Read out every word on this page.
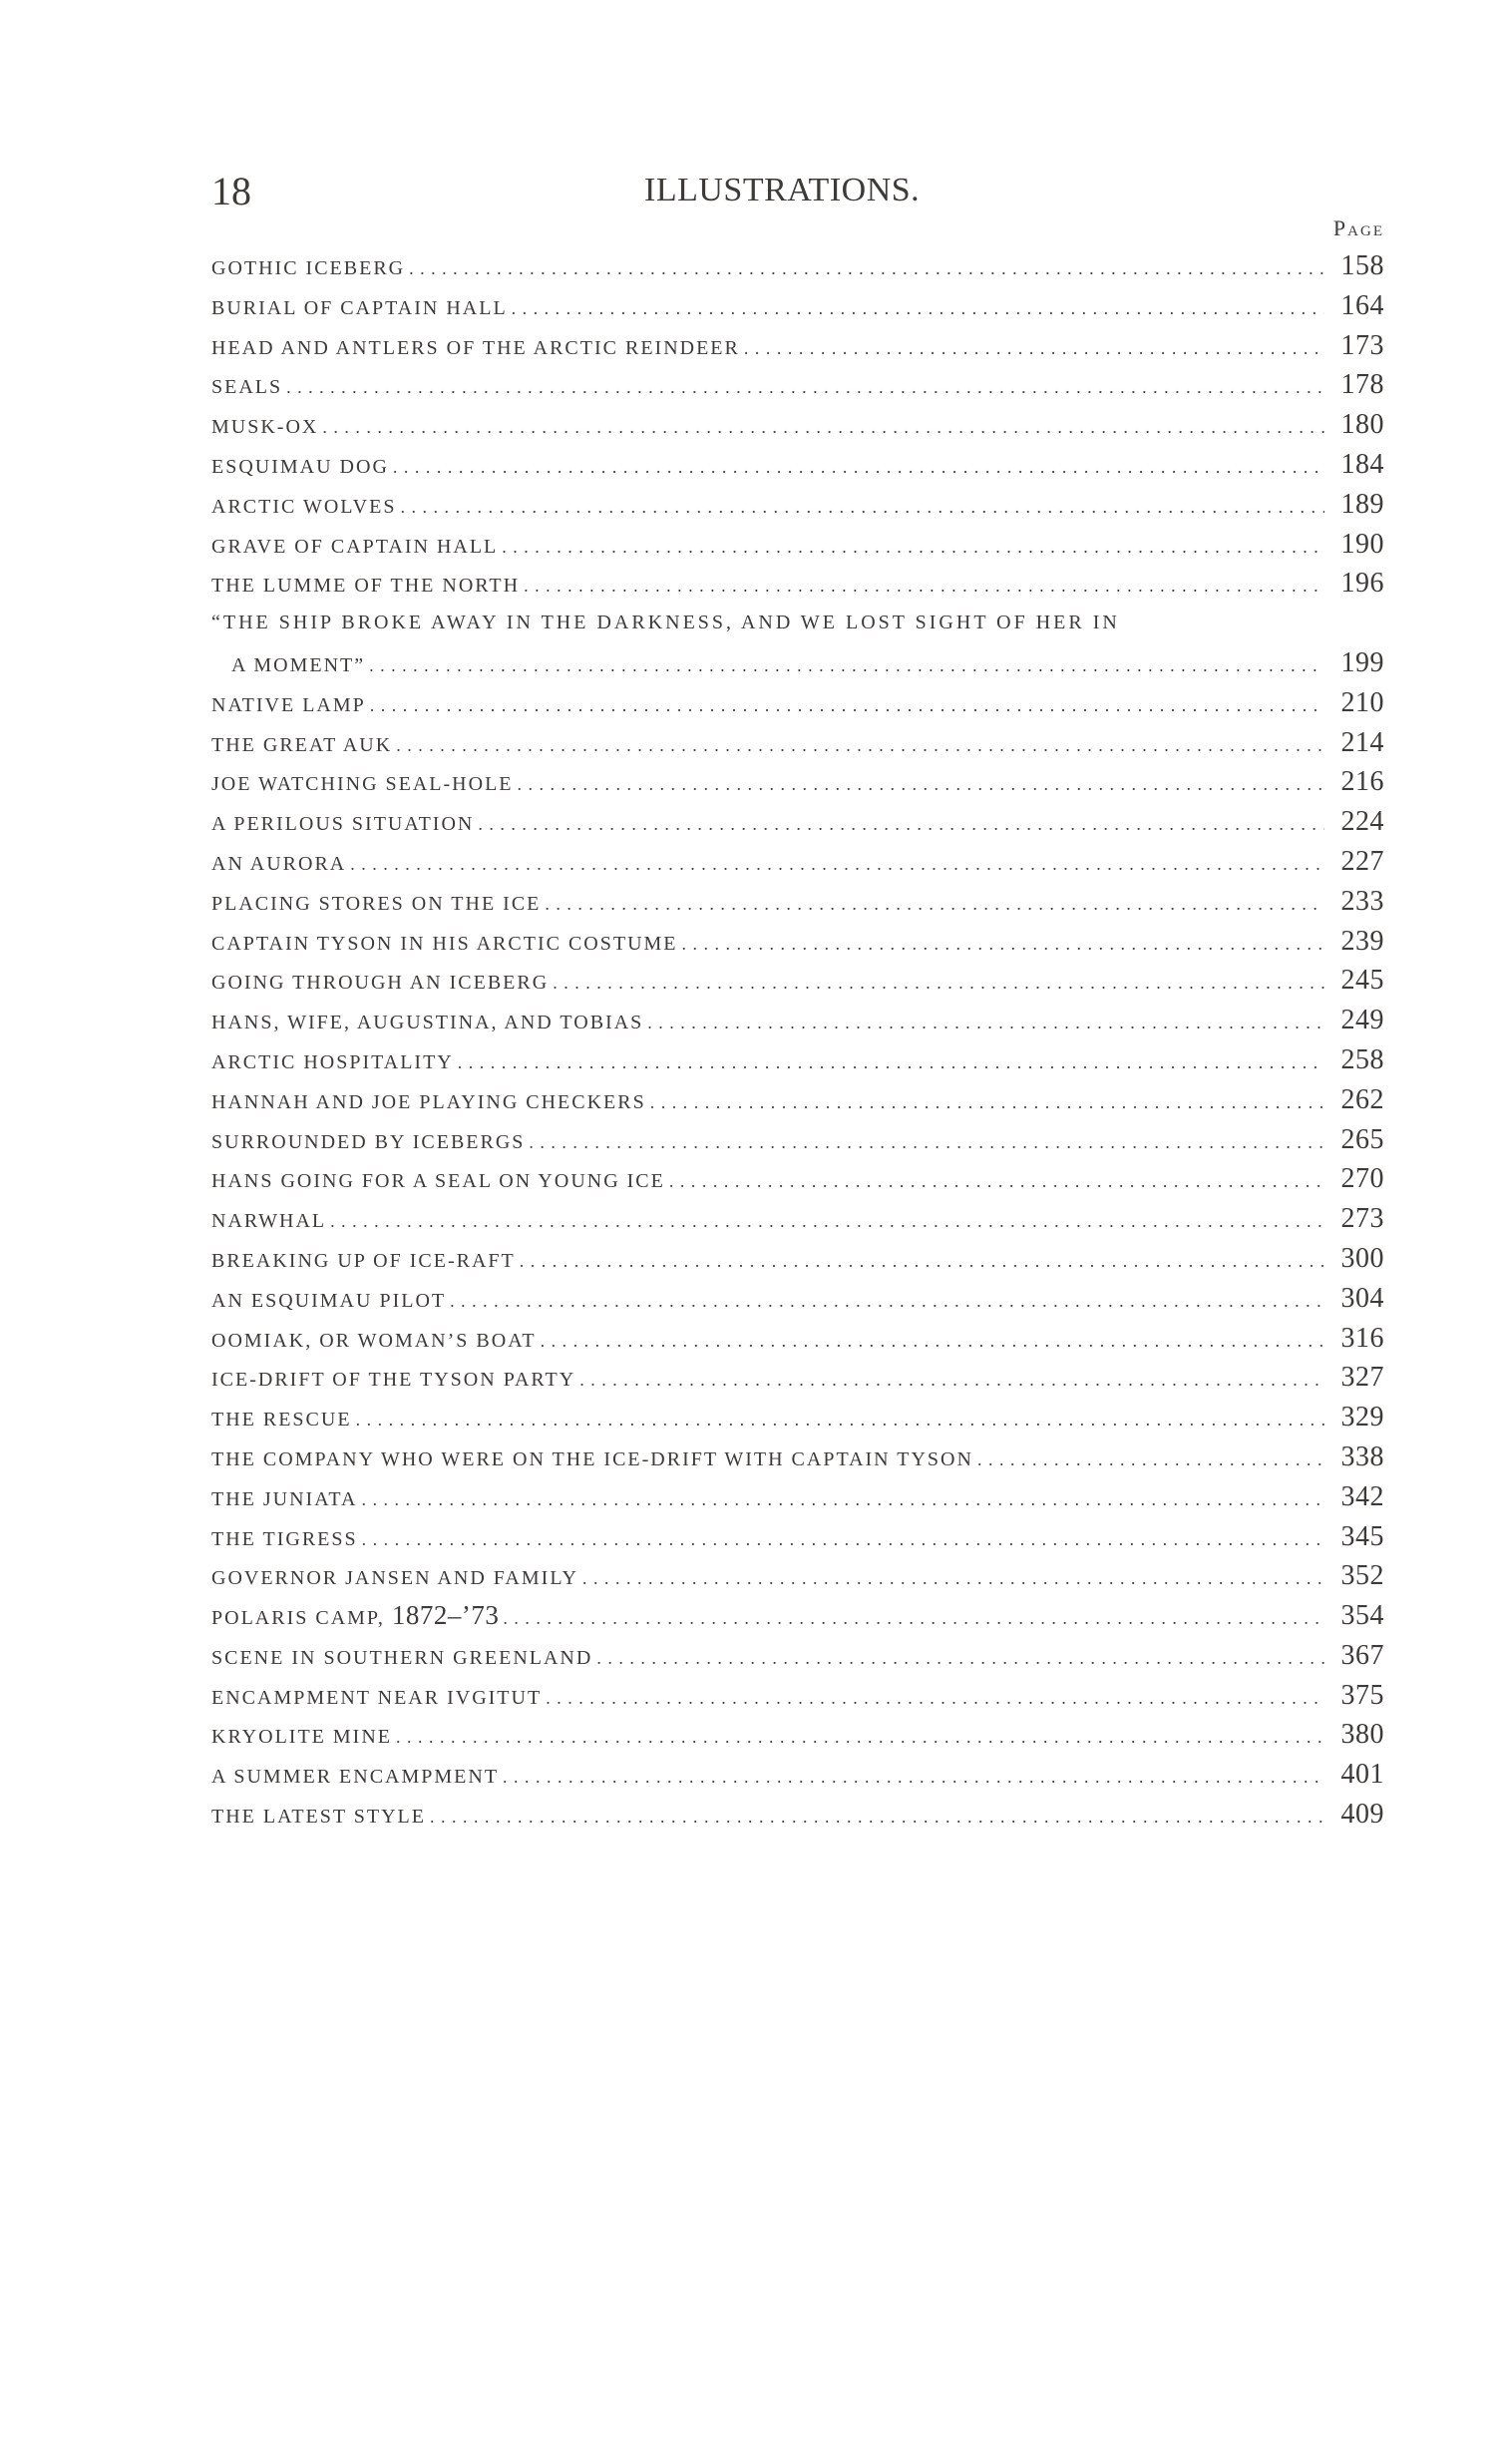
18	ILLUSTRATIONS.
Page
GOTHIC ICEBERG . . .	158
BURIAL OF CAPTAIN HALL . . .	164
HEAD AND ANTLERS OF THE ARCTIC REINDEER . . .	173
SEALS . . .	178
MUSK-OX . . .	180
ESQUIMAU DOG . . .	184
ARCTIC WOLVES . . .	189
GRAVE OF CAPTAIN HALL . . .	190
THE LUMME OF THE NORTH . . .	196
“THE SHIP BROKE AWAY IN THE DARKNESS, AND WE LOST SIGHT OF HER IN
A MOMENT” . . .	199
NATIVE LAMP . . .	210
THE GREAT AUK . . .	214
JOE WATCHING SEAL-HOLE . . .	216
A PERILOUS SITUATION . . .	224
AN AURORA . . .	227
PLACING STORES ON THE ICE . . .	233
CAPTAIN TYSON IN HIS ARCTIC COSTUME . . .	239
GOING THROUGH AN ICEBERG . . .	245
HANS, WIFE, AUGUSTINA, AND TOBIAS . . .	249
ARCTIC HOSPITALITY . . .	258
HANNAH AND JOE PLAYING CHECKERS . . .	262
SURROUNDED BY ICEBERGS . . .	265
HANS GOING FOR A SEAL ON YOUNG ICE . . .	270
NARWHAL . . .	273
BREAKING UP OF ICE-RAFT . . .	300
AN ESQUIMAU PILOT . . .	304
OOMIAK, OR WOMAN’S BOAT . . .	316
ICE-DRIFT OF THE TYSON PARTY . . .	327
THE RESCUE . . .	329
THE COMPANY WHO WERE ON THE ICE-DRIFT WITH CAPTAIN TYSON . . .	338
THE JUNIATA . . .	342
THE TIGRESS . . .	345
GOVERNOR JANSEN AND FAMILY . . .	352
POLARIS CAMP, 1872–’73 . . .	354
SCENE IN SOUTHERN GREENLAND . . .	367
ENCAMPMENT NEAR IVGITUT . . .	375
KRYOLITE MINE . . .	380
A SUMMER ENCAMPMENT . . .	401
THE LATEST STYLE . . .	409
